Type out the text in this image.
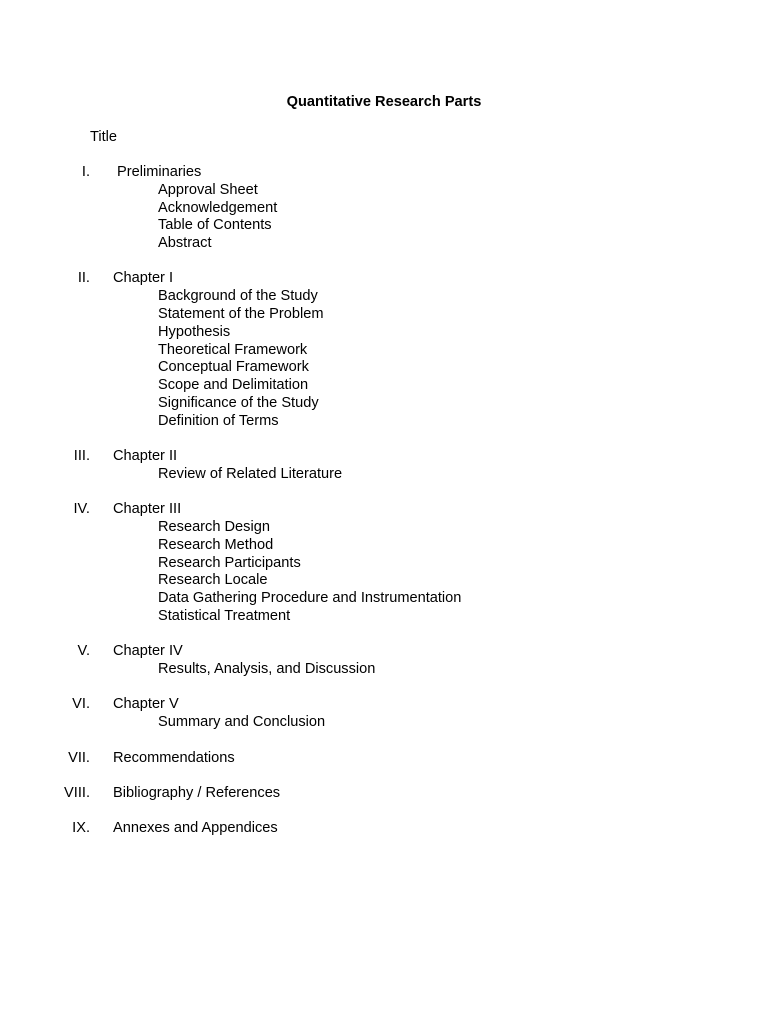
Quantitative Research Parts
Title
I. Preliminaries
Approval Sheet
Acknowledgement
Table of Contents
Abstract
II. Chapter I
Background of the Study
Statement of the Problem
Hypothesis
Theoretical Framework
Conceptual Framework
Scope and Delimitation
Significance of the Study
Definition of Terms
III. Chapter II
Review of Related Literature
IV. Chapter III
Research Design
Research Method
Research Participants
Research Locale
Data Gathering Procedure and Instrumentation
Statistical Treatment
V. Chapter IV
Results, Analysis, and Discussion
VI. Chapter V
Summary and Conclusion
VII. Recommendations
VIII. Bibliography / References
IX. Annexes and Appendices
